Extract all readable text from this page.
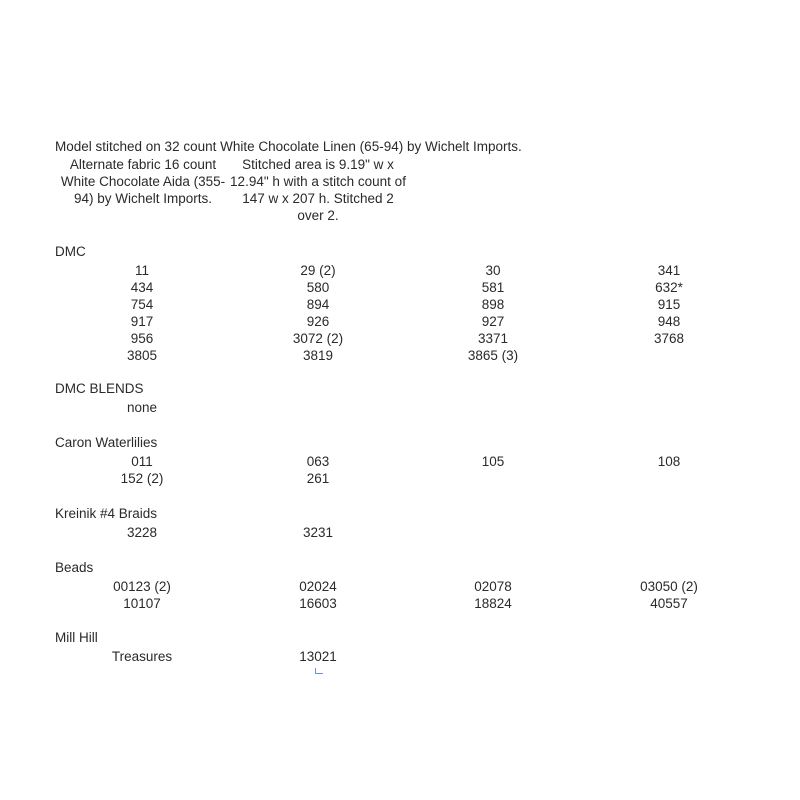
Model stitched on 32 count White Chocolate Linen (65-94) by Wichelt Imports.
Alternate fabric 16 count White Chocolate Aida (355-94) by Wichelt Imports.
Stitched area is 9.19" w x 12.94" h with a stitch count of 147 w x 207 h. Stitched 2 over 2.
DMC
11	29 (2)	30	341
434	580	581	632*
754	894	898	915
917	926	927	948
956	3072 (2)	3371	3768
3805	3819	3865 (3)
DMC BLENDS
none
Caron Waterlilies
011	063	105	108
152 (2)	261
Kreinik #4 Braids
3228	3231
Beads
00123 (2)	02024	02078	03050 (2)
10107	16603	18824	40557
Mill Hill
Treasures	13021
